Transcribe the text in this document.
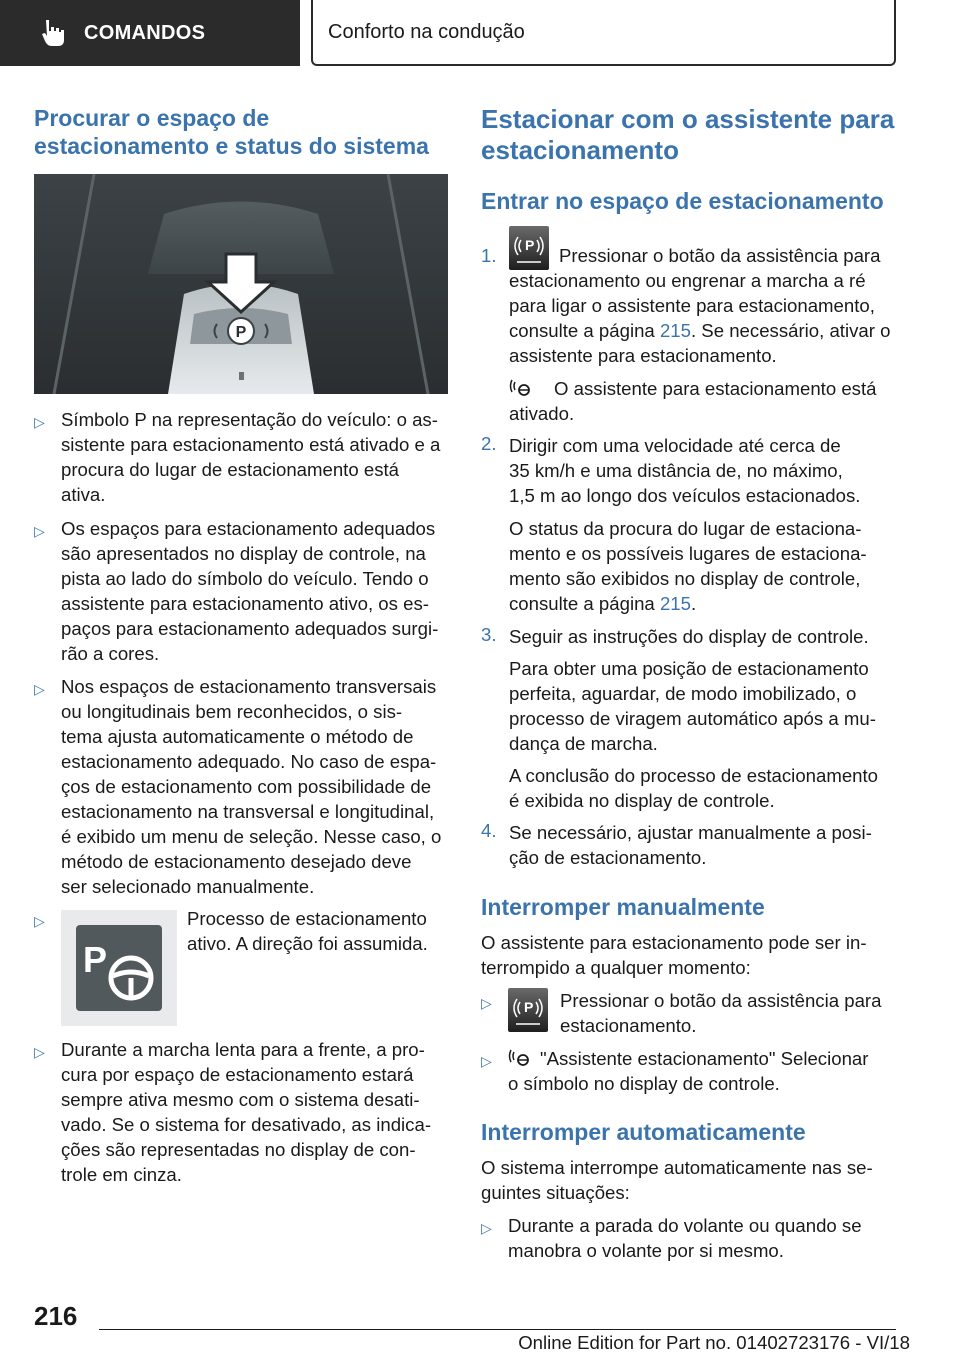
COMANDOS	Conforto na condução
Procurar o espaço de estacionamento e status do sistema
P
▷ Símbolo P na representação do veículo: o as-
sistente para estacionamento está ativado e a
procura do lugar de estacionamento está
ativa.
▷ Os espaços para estacionamento adequados
são apresentados no display de controle, na
pista ao lado do símbolo do veículo. Tendo o
assistente para estacionamento ativo, os es-
paços para estacionamento adequados surgi-
rão a cores.
▷ Nos espaços de estacionamento transversais
ou longitudinais bem reconhecidos, o sis-
tema ajusta automaticamente o método de
estacionamento adequado. No caso de espa-
ços de estacionamento com possibilidade de
estacionamento na transversal e longitudinal,
é exibido um menu de seleção. Nesse caso, o
método de estacionamento desejado deve
ser selecionado manualmente.
▷
P
Processo de estacionamento
ativo. A direção foi assumida.
▷ Durante a marcha lenta para a frente, a pro-
cura por espaço de estacionamento estará
sempre ativa mesmo com o sistema desati-
vado. Se o sistema for desativado, as indica-
ções são representadas no display de con-
trole em cinza.
Estacionar com o assistente para estacionamento
Entrar no espaço de estacionamento
1. P	Pressionar o botão da assistência para
estacionamento ou engrenar a marcha a ré
para ligar o assistente para estacionamento,
consulte a página 215. Se necessário, ativar o
assistente para estacionamento.
O assistente para estacionamento está
ativado.
2. Dirigir com uma velocidade até cerca de
35 km/h e uma distância de, no máximo,
1,5 m ao longo dos veículos estacionados.
O status da procura do lugar de estaciona-
mento e os possíveis lugares de estaciona-
mento são exibidos no display de controle,
consulte a página 215.
3. Seguir as instruções do display de controle.
Para obter uma posição de estacionamento
perfeita, aguardar, de modo imobilizado, o
processo de viragem automático após a mu-
dança de marcha.
A conclusão do processo de estacionamento
é exibida no display de controle.
4. Se necessário, ajustar manualmente a posi-
ção de estacionamento.
Interromper manualmente
O assistente para estacionamento pode ser in-
terrompido a qualquer momento:
▷ P Pressionar o botão da assistência para
estacionamento.
▷	"Assistente estacionamento" Selecionar
o símbolo no display de controle.
Interromper automaticamente
O sistema interrompe automaticamente nas se-
guintes situações:
▷ Durante a parada do volante ou quando se
manobra o volante por si mesmo.
216
Online Edition for Part no. 01402723176 - VI/18
